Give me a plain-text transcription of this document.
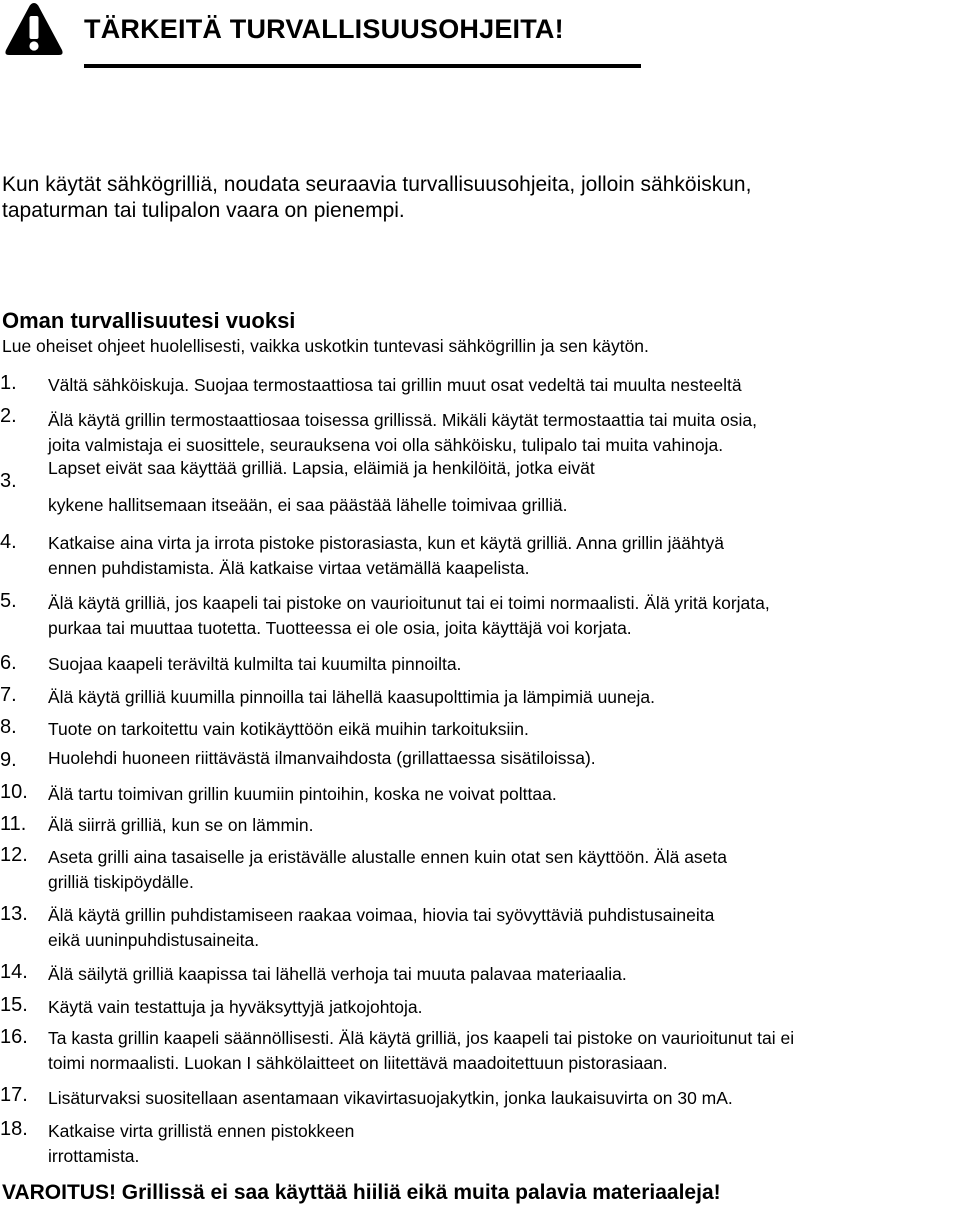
TÄRKEITÄ TURVALLISUUSOHJEITA!
Kun käytät sähkögrilliä, noudata seuraavia turvallisuusohjeita, jolloin sähköiskun,
tapaturman tai tulipalon vaara on pienempi.
Oman turvallisuutesi vuoksi
Lue oheiset ohjeet huolellisesti, vaikka uskotkin tuntevasi sähkögrillin ja sen käytön.
1. Vältä sähköiskuja. Suojaa termostaattiosa tai grillin muut osat vedeltä tai muulta nesteeltä
2. Älä käytä grillin termostaattiosaa toisessa grillissä. Mikäli käytät termostaattia tai muita osia,
joita valmistaja ei suosittele, seurauksena voi olla sähköisku, tulipalo tai muita vahinoja.
3.
Lapset eivät saa käyttää grilliä. Lapsia, eläimiä ja henkilöitä, jotka eivät
kykene hallitsemaan itseään, ei saa päästää lähelle toimivaa grilliä.
4. Katkaise aina virta ja irrota pistoke pistorasiasta, kun et käytä grilliä. Anna grillin jäähtyä
ennen puhdistamista. Älä katkaise virtaa vetämällä kaapelista.
5. Älä käytä grilliä, jos kaapeli tai pistoke on vaurioitunut tai ei toimi normaalisti. Älä yritä korjata,
purkaa tai muuttaa tuotetta. Tuotteessa ei ole osia, joita käyttäjä voi korjata.
6. Suojaa kaapeli teräviltä kulmilta tai kuumilta pinnoilta.
7. Älä käytä grilliä kuumilla pinnoilla tai lähellä kaasupolttimia ja lämpimiä uuneja.
8. Tuote on tarkoitettu vain kotikäyttöön eikä muihin tarkoituksiin.
9. Huolehdi huoneen riittävästä ilmanvaihdosta (grillattaessa sisätiloissa).
10. Älä tartu toimivan grillin kuumiin pintoihin, koska ne voivat polttaa.
11. Älä siirrä grilliä, kun se on lämmin.
12. Aseta grilli aina tasaiselle ja eristävälle alustalle ennen kuin otat sen käyttöön. Älä aseta
grilliä tiskipöydälle.
13. Älä käytä grillin puhdistamiseen raakaa voimaa, hiovia tai syövyttäviä puhdistusaineita
eikä uuninpuhdistusaineita.
14. Älä säilytä grilliä kaapissa tai lähellä verhoja tai muuta palavaa materiaalia.
15. Käytä vain testattuja ja hyväksyttyjä jatkojohtoja.
16. Ta kasta grillin kaapeli säännöllisesti. Älä käytä grilliä, jos kaapeli tai pistoke on vaurioitunut tai ei
toimi normaalisti. Luokan I sähkölaitteet on liitettävä maadoitettuun pistorasiaan.
17. Lisäturvaksi suositellaan asentamaan vikavirtasuojakytkin, jonka laukaisuvirta on 30 mA.
18. Katkaise virta grillistä ennen pistokkeen
irrottamista.
VAROITUS! Grillissä ei saa käyttää hiiliä eikä muita palavia materiaaleja!
